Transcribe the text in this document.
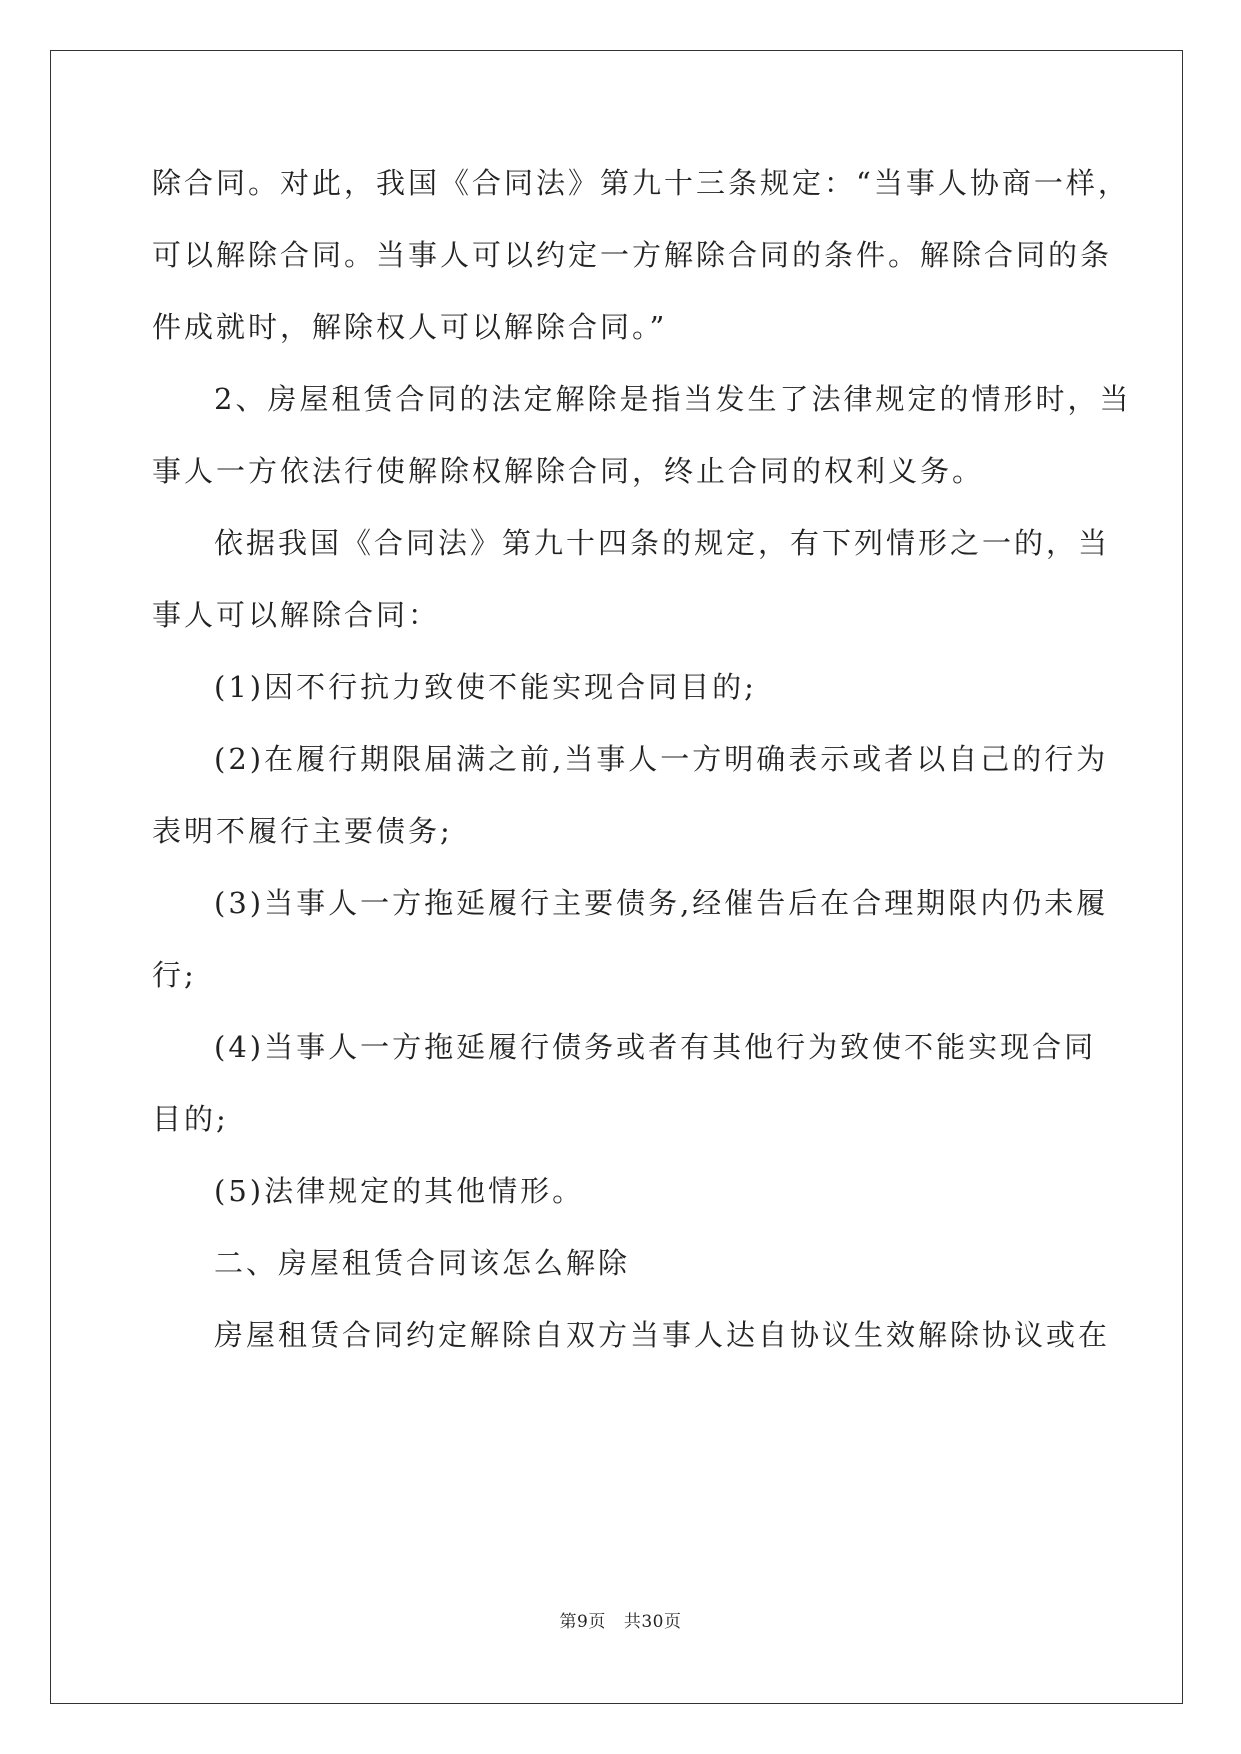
除合同。对此，我国《合同法》第九十三条规定：“当事人协商一样，
可以解除合同。当事人可以约定一方解除合同的条件。解除合同的条
件成就时，解除权人可以解除合同。”
2、房屋租赁合同的法定解除是指当发生了法律规定的情形时，当
事人一方依法行使解除权解除合同，终止合同的权利义务。
依据我国《合同法》第九十四条的规定，有下列情形之一的，当
事人可以解除合同：
(1)因不行抗力致使不能实现合同目的;
(2)在履行期限届满之前,当事人一方明确表示或者以自己的行为
表明不履行主要债务;
(3)当事人一方拖延履行主要债务,经催告后在合理期限内仍未履
行;
(4)当事人一方拖延履行债务或者有其他行为致使不能实现合同
目的;
(5)法律规定的其他情形。
二、房屋租赁合同该怎么解除
房屋租赁合同约定解除自双方当事人达自协议生效解除协议或在
第9页 共30页
